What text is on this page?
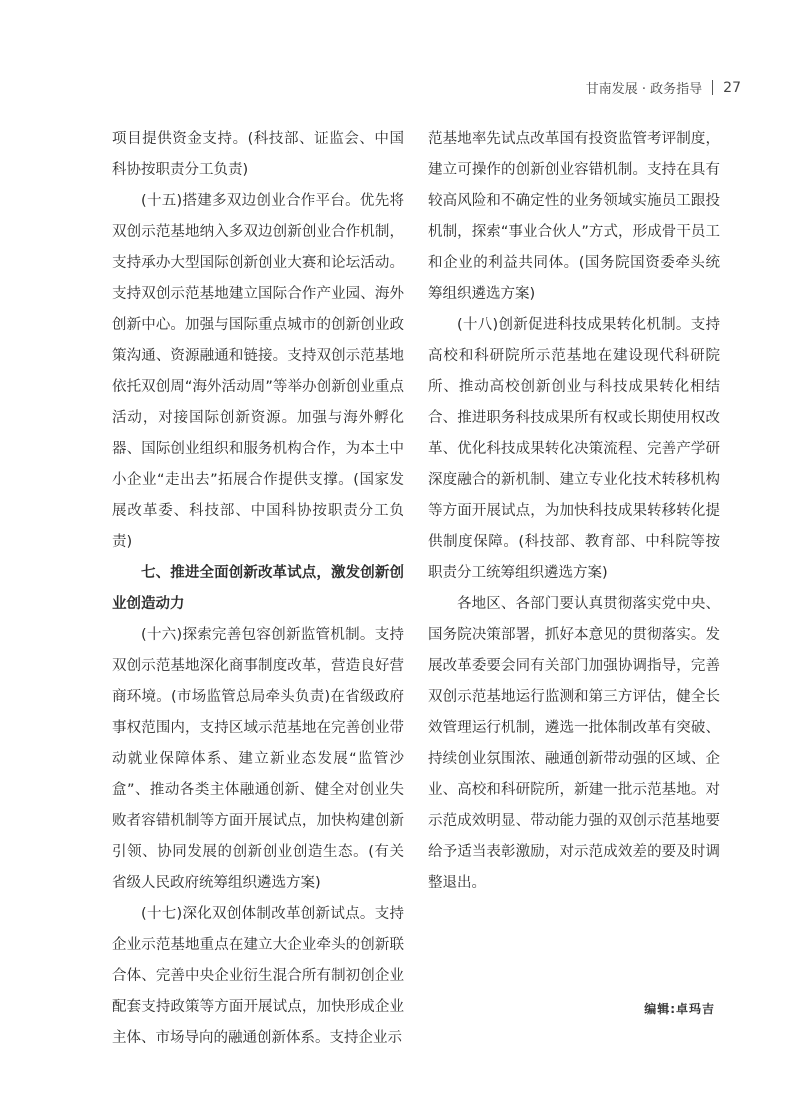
甘南发展 · 政务指导 27

项目提供资金支持。(科技部、证监会、中国科协按职责分工负责)

(十五)搭建多双边创业合作平台。优先将双创示范基地纳入多双边创新创业合作机制，支持承办大型国际创新创业大赛和论坛活动。支持双创示范基地建立国际合作产业园、海外创新中心。加强与国际重点城市的创新创业政策沟通、资源融通和链接。支持双创示范基地依托双创周“海外活动周”等举办创新创业重点活动，对接国际创新资源。加强与海外孵化器、国际创业组织和服务机构合作，为本土中小企业“走出去”拓展合作提供支撑。(国家发展改革委、科技部、中国科协按职责分工负责)

七、推进全面创新改革试点，激发创新创业创造动力

(十六)探索完善包容创新监管机制。支持双创示范基地深化商事制度改革，营造良好营商环境。(市场监管总局牵头负责)在省级政府事权范围内，支持区域示范基地在完善创业带动就业保障体系、建立新业态发展“监管沙盒”、推动各类主体融通创新、健全对创业失败者容错机制等方面开展试点，加快构建创新引领、协同发展的创新创业创造生态。(有关省级人民政府统筹组织遴选方案)

(十七)深化双创体制改革创新试点。支持企业示范基地重点在建立大企业牵头的创新联合体、完善中央企业衍生混合所有制初创企业配套支持政策等方面开展试点，加快形成企业主体、市场导向的融通创新体系。支持企业示

范基地率先试点改革国有投资监管考评制度，建立可操作的创新创业容错机制。支持在具有较高风险和不确定性的业务领域实施员工跟投机制，探索“事业合伙人”方式，形成骨干员工和企业的利益共同体。(国务院国资委牵头统筹组织遴选方案)

(十八)创新促进科技成果转化机制。支持高校和科研院所示范基地在建设现代科研院所、推动高校创新创业与科技成果转化相结合、推进职务科技成果所有权或长期使用权改革、优化科技成果转化决策流程、完善产学研深度融合的新机制、建立专业化技术转移机构等方面开展试点，为加快科技成果转移转化提供制度保障。(科技部、教育部、中科院等按职责分工统筹组织遴选方案)

各地区、各部门要认真贯彻落实党中央、国务院决策部署，抓好本意见的贯彻落实。发展改革委要会同有关部门加强协调指导，完善双创示范基地运行监测和第三方评估，健全长效管理运行机制，遴选一批体制改革有突破、持续创业氛围浓、融通创新带动强的区域、企业、高校和科研院所，新建一批示范基地。对示范成效明显、带动能力强的双创示范基地要给予适当表彰激励，对示范成效差的要及时调整退出。

编辑:卓玛吉
